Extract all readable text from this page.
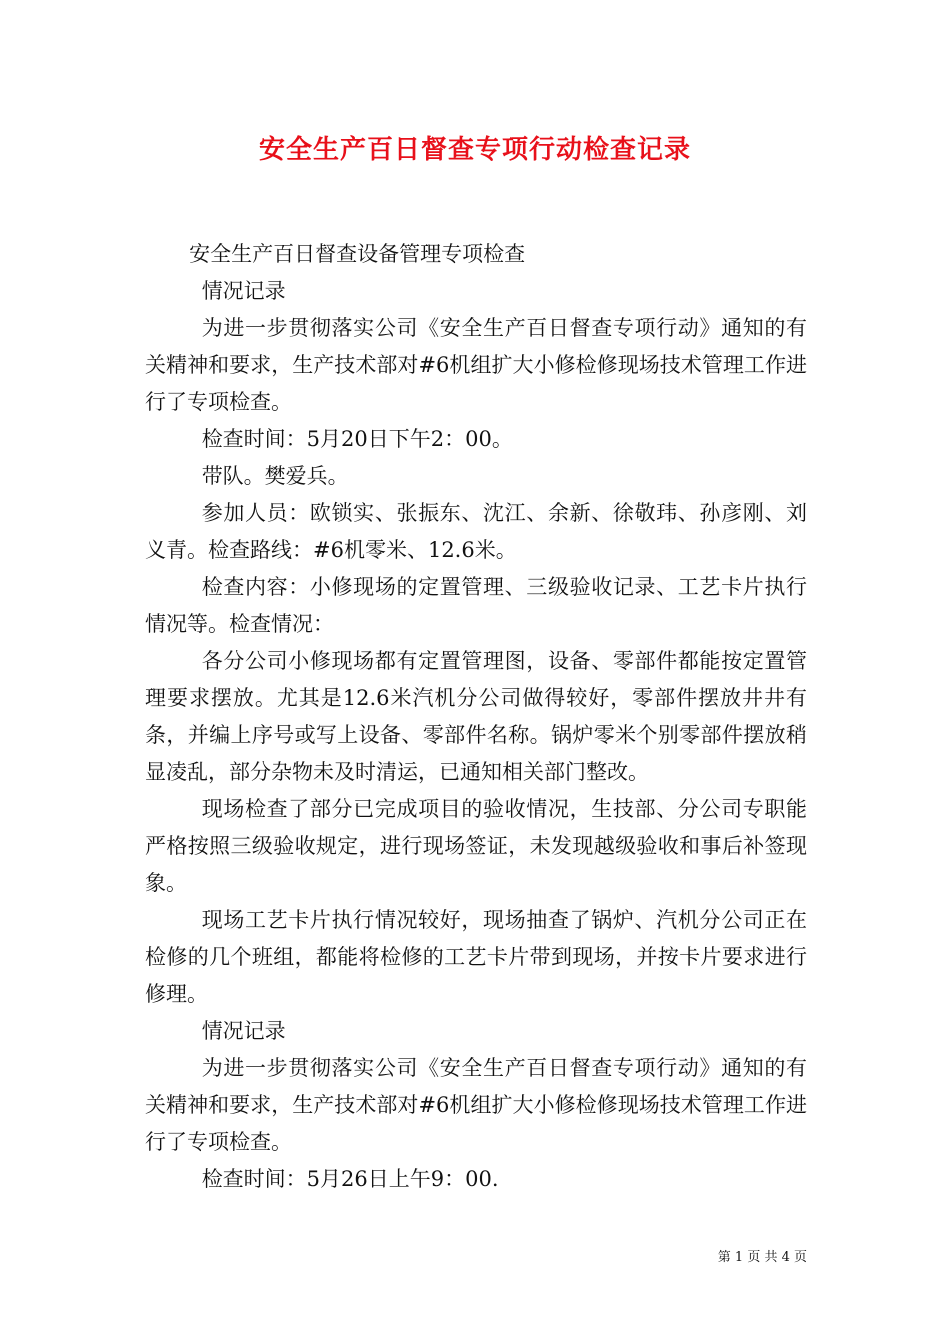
安全生产百日督查专项行动检查记录

安全生产百日督查设备管理专项检查

情况记录

为进一步贯彻落实公司《安全生产百日督查专项行动》通知的有关精神和要求，生产技术部对#6机组扩大小修检修现场技术管理工作进行了专项检查。

检查时间：5月20日下午2：00。

带队。樊爱兵。

参加人员：欧锁实、张振东、沈江、余新、徐敬玮、孙彦刚、刘义青。检查路线：#6机零米、12.6米。

检查内容：小修现场的定置管理、三级验收记录、工艺卡片执行情况等。检查情况：

各分公司小修现场都有定置管理图，设备、零部件都能按定置管理要求摆放。尤其是12.6米汽机分公司做得较好，零部件摆放井井有条，并编上序号或写上设备、零部件名称。锅炉零米个别零部件摆放稍显凌乱，部分杂物未及时清运，已通知相关部门整改。

现场检查了部分已完成项目的验收情况，生技部、分公司专职能严格按照三级验收规定，进行现场签证，未发现越级验收和事后补签现象。

现场工艺卡片执行情况较好，现场抽查了锅炉、汽机分公司正在检修的几个班组，都能将检修的工艺卡片带到现场，并按卡片要求进行修理。

情况记录

为进一步贯彻落实公司《安全生产百日督查专项行动》通知的有关精神和要求，生产技术部对#6机组扩大小修检修现场技术管理工作进行了专项检查。

检查时间：5月26日上午9：00.

第 1 页 共 4 页
